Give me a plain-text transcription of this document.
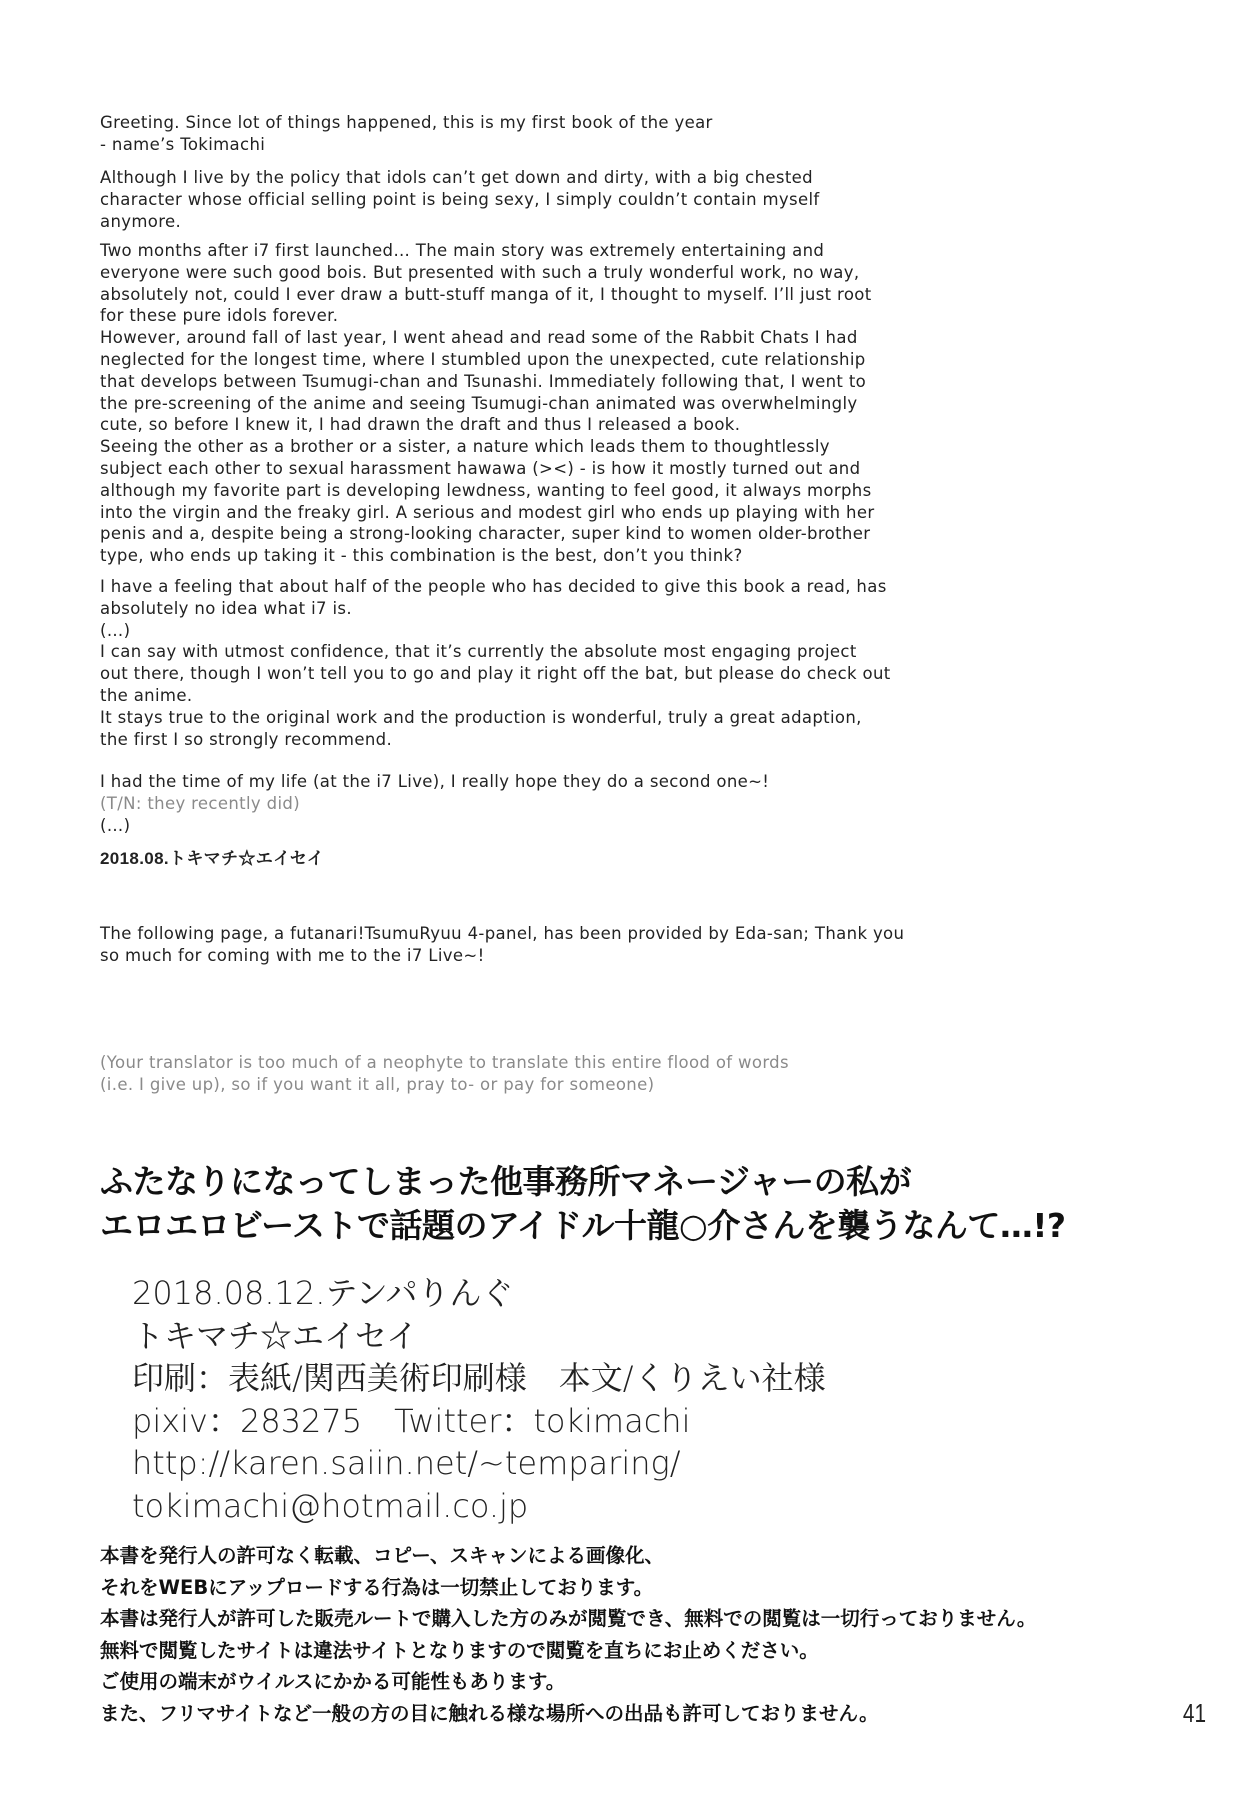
Greeting. Since lot of things happened, this is my first book of the year
- name’s Tokimachi
Although I live by the policy that idols can’t get down and dirty, with a big chested
character whose official selling point is being sexy, I simply couldn’t contain myself
anymore.
Two months after i7 first launched… The main story was extremely entertaining and
everyone were such good bois. But presented with such a truly wonderful work, no way,
absolutely not, could I ever draw a butt-stuff manga of it, I thought to myself. I’ll just root
for these pure idols forever.
However, around fall of last year, I went ahead and read some of the Rabbit Chats I had
neglected for the longest time, where I stumbled upon the unexpected, cute relationship
that develops between Tsumugi-chan and Tsunashi. Immediately following that, I went to
the pre-screening of the anime and seeing Tsumugi-chan animated was overwhelmingly
cute, so before I knew it, I had drawn the draft and thus I released a book.
Seeing the other as a brother or a sister, a nature which leads them to thoughtlessly
subject each other to sexual harassment hawawa (><) - is how it mostly turned out and
although my favorite part is developing lewdness, wanting to feel good, it always morphs
into the virgin and the freaky girl. A serious and modest girl who ends up playing with her
penis and a, despite being a strong-looking character, super kind to women older-brother
type, who ends up taking it - this combination is the best, don’t you think?
I have a feeling that about half of the people who has decided to give this book a read, has
absolutely no idea what i7 is.
(…)
I can say with utmost confidence, that it’s currently the absolute most engaging project
out there, though I won’t tell you to go and play it right off the bat, but please do check out
the anime.
It stays true to the original work and the production is wonderful, truly a great adaption,
the first I so strongly recommend.
I had the time of my life (at the i7 Live), I really hope they do a second one~!
(T/N: they recently did)
(…)
2018.08.トキマチ☆エイセイ
The following page, a futanari!TsumuRyuu 4-panel, has been provided by Eda-san; Thank you
so much for coming with me to the i7 Live~!
(Your translator is too much of a neophyte to translate this entire flood of words
(i.e. I give up), so if you want it all, pray to- or pay for someone)
ふたなりになってしまった他事務所マネージャーの私が
エロエロビーストで話題のアイドル十龍○介さんを襲うなんて…!?
2018.08.12.テンパりんぐ
トキマチ☆エイセイ
印刷：表紙/関西美術印刷様　本文/くりえい社様
pixiv：283275　Twitter：tokimachi
http://karen.saiin.net/~temparing/
tokimachi@hotmail.co.jp
本書を発行人の許可なく転載、コピー、スキャンによる画像化、
それをWEBにアップロードする行為は一切禁止しております。
本書は発行人が許可した販売ルートで購入した方のみが閲覧でき、無料での閲覧は一切行っておりません。
無料で閲覧したサイトは違法サイトとなりますので閲覧を直ちにお止めください。
ご使用の端末がウイルスにかかる可能性もあります。
また、フリマサイトなど一般の方の目に触れる様な場所への出品も許可しておりません。	41
